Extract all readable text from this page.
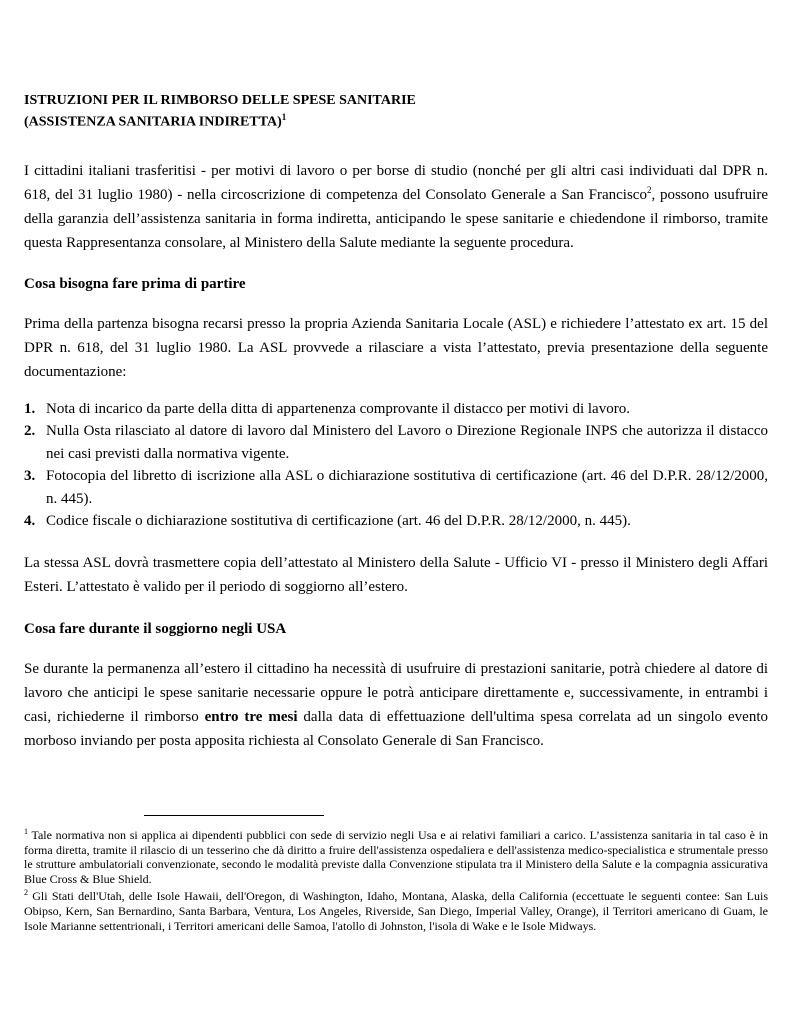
ISTRUZIONI PER IL RIMBORSO DELLE SPESE SANITARIE
(ASSISTENZA SANITARIA INDIRETTA)$^1$

I cittadini italiani trasferitisi - per motivi di lavoro o per borse di studio (nonché per gli altri casi individuati dal DPR n. 618, del 31 luglio 1980) - nella circoscrizione di competenza del Consolato Generale a San Francisco$^2$, possono usufruire della garanzia dell’assistenza sanitaria in forma indiretta, anticipando le spese sanitarie e chiedendone il rimborso, tramite questa Rappresentanza consolare, al Ministero della Salute mediante la seguente procedura.

Cosa bisogna fare prima di partire

Prima della partenza bisogna recarsi presso la propria Azienda Sanitaria Locale (ASL) e richiedere l’attestato ex art. 15 del DPR n. 618, del 31 luglio 1980. La ASL provvede a rilasciare a vista l’attestato, previa presentazione della seguente documentazione:

1. Nota di incarico da parte della ditta di appartenenza comprovante il distacco per motivi di lavoro.
2. Nulla Osta rilasciato al datore di lavoro dal Ministero del Lavoro o Direzione Regionale INPS che autorizza il distacco nei casi previsti dalla normativa vigente.
3. Fotocopia del libretto di iscrizione alla ASL o dichiarazione sostitutiva di certificazione (art. 46 del D.P.R. 28/12/2000, n. 445).
4. Codice fiscale o dichiarazione sostitutiva di certificazione (art. 46 del D.P.R. 28/12/2000, n. 445).

La stessa ASL dovrà trasmettere copia dell’attestato al Ministero della Salute - Ufficio VI - presso il Ministero degli Affari Esteri. L’attestato è valido per il periodo di soggiorno all’estero.

Cosa fare durante il soggiorno negli USA

Se durante la permanenza all’estero il cittadino ha necessità di usufruire di prestazioni sanitarie, potrà chiedere al datore di lavoro che anticipi le spese sanitarie necessarie oppure le potrà anticipare direttamente e, successivamente, in entrambi i casi, richiederne il rimborso entro tre mesi dalla data di effettuazione dell'ultima spesa correlata ad un singolo evento morboso inviando per posta apposita richiesta al Consolato Generale di San Francisco.

$^1$ Tale normativa non si applica ai dipendenti pubblici con sede di servizio negli Usa e ai relativi familiari a carico. L’assistenza sanitaria in tal caso è in forma diretta, tramite il rilascio di un tesserino che dà diritto a fruire dell'assistenza ospedaliera e dell'assistenza medico-specialistica e strumentale presso le strutture ambulatoriali convenzionate, secondo le modalità previste dalla Convenzione stipulata tra il Ministero della Salute e la compagnia assicurativa Blue Cross & Blue Shield.

$^2$ Gli Stati dell'Utah, delle Isole Hawaii, dell'Oregon, di Washington, Idaho, Montana, Alaska, della California (eccettuate le seguenti contee: San Luis Obipso, Kern, San Bernardino, Santa Barbara, Ventura, Los Angeles, Riverside, San Diego, Imperial Valley, Orange), il Territori americano di Guam, le Isole Marianne settentrionali, i Territori americani delle Samoa, l'atollo di Johnston, l'isola di Wake e le Isole Midways.
